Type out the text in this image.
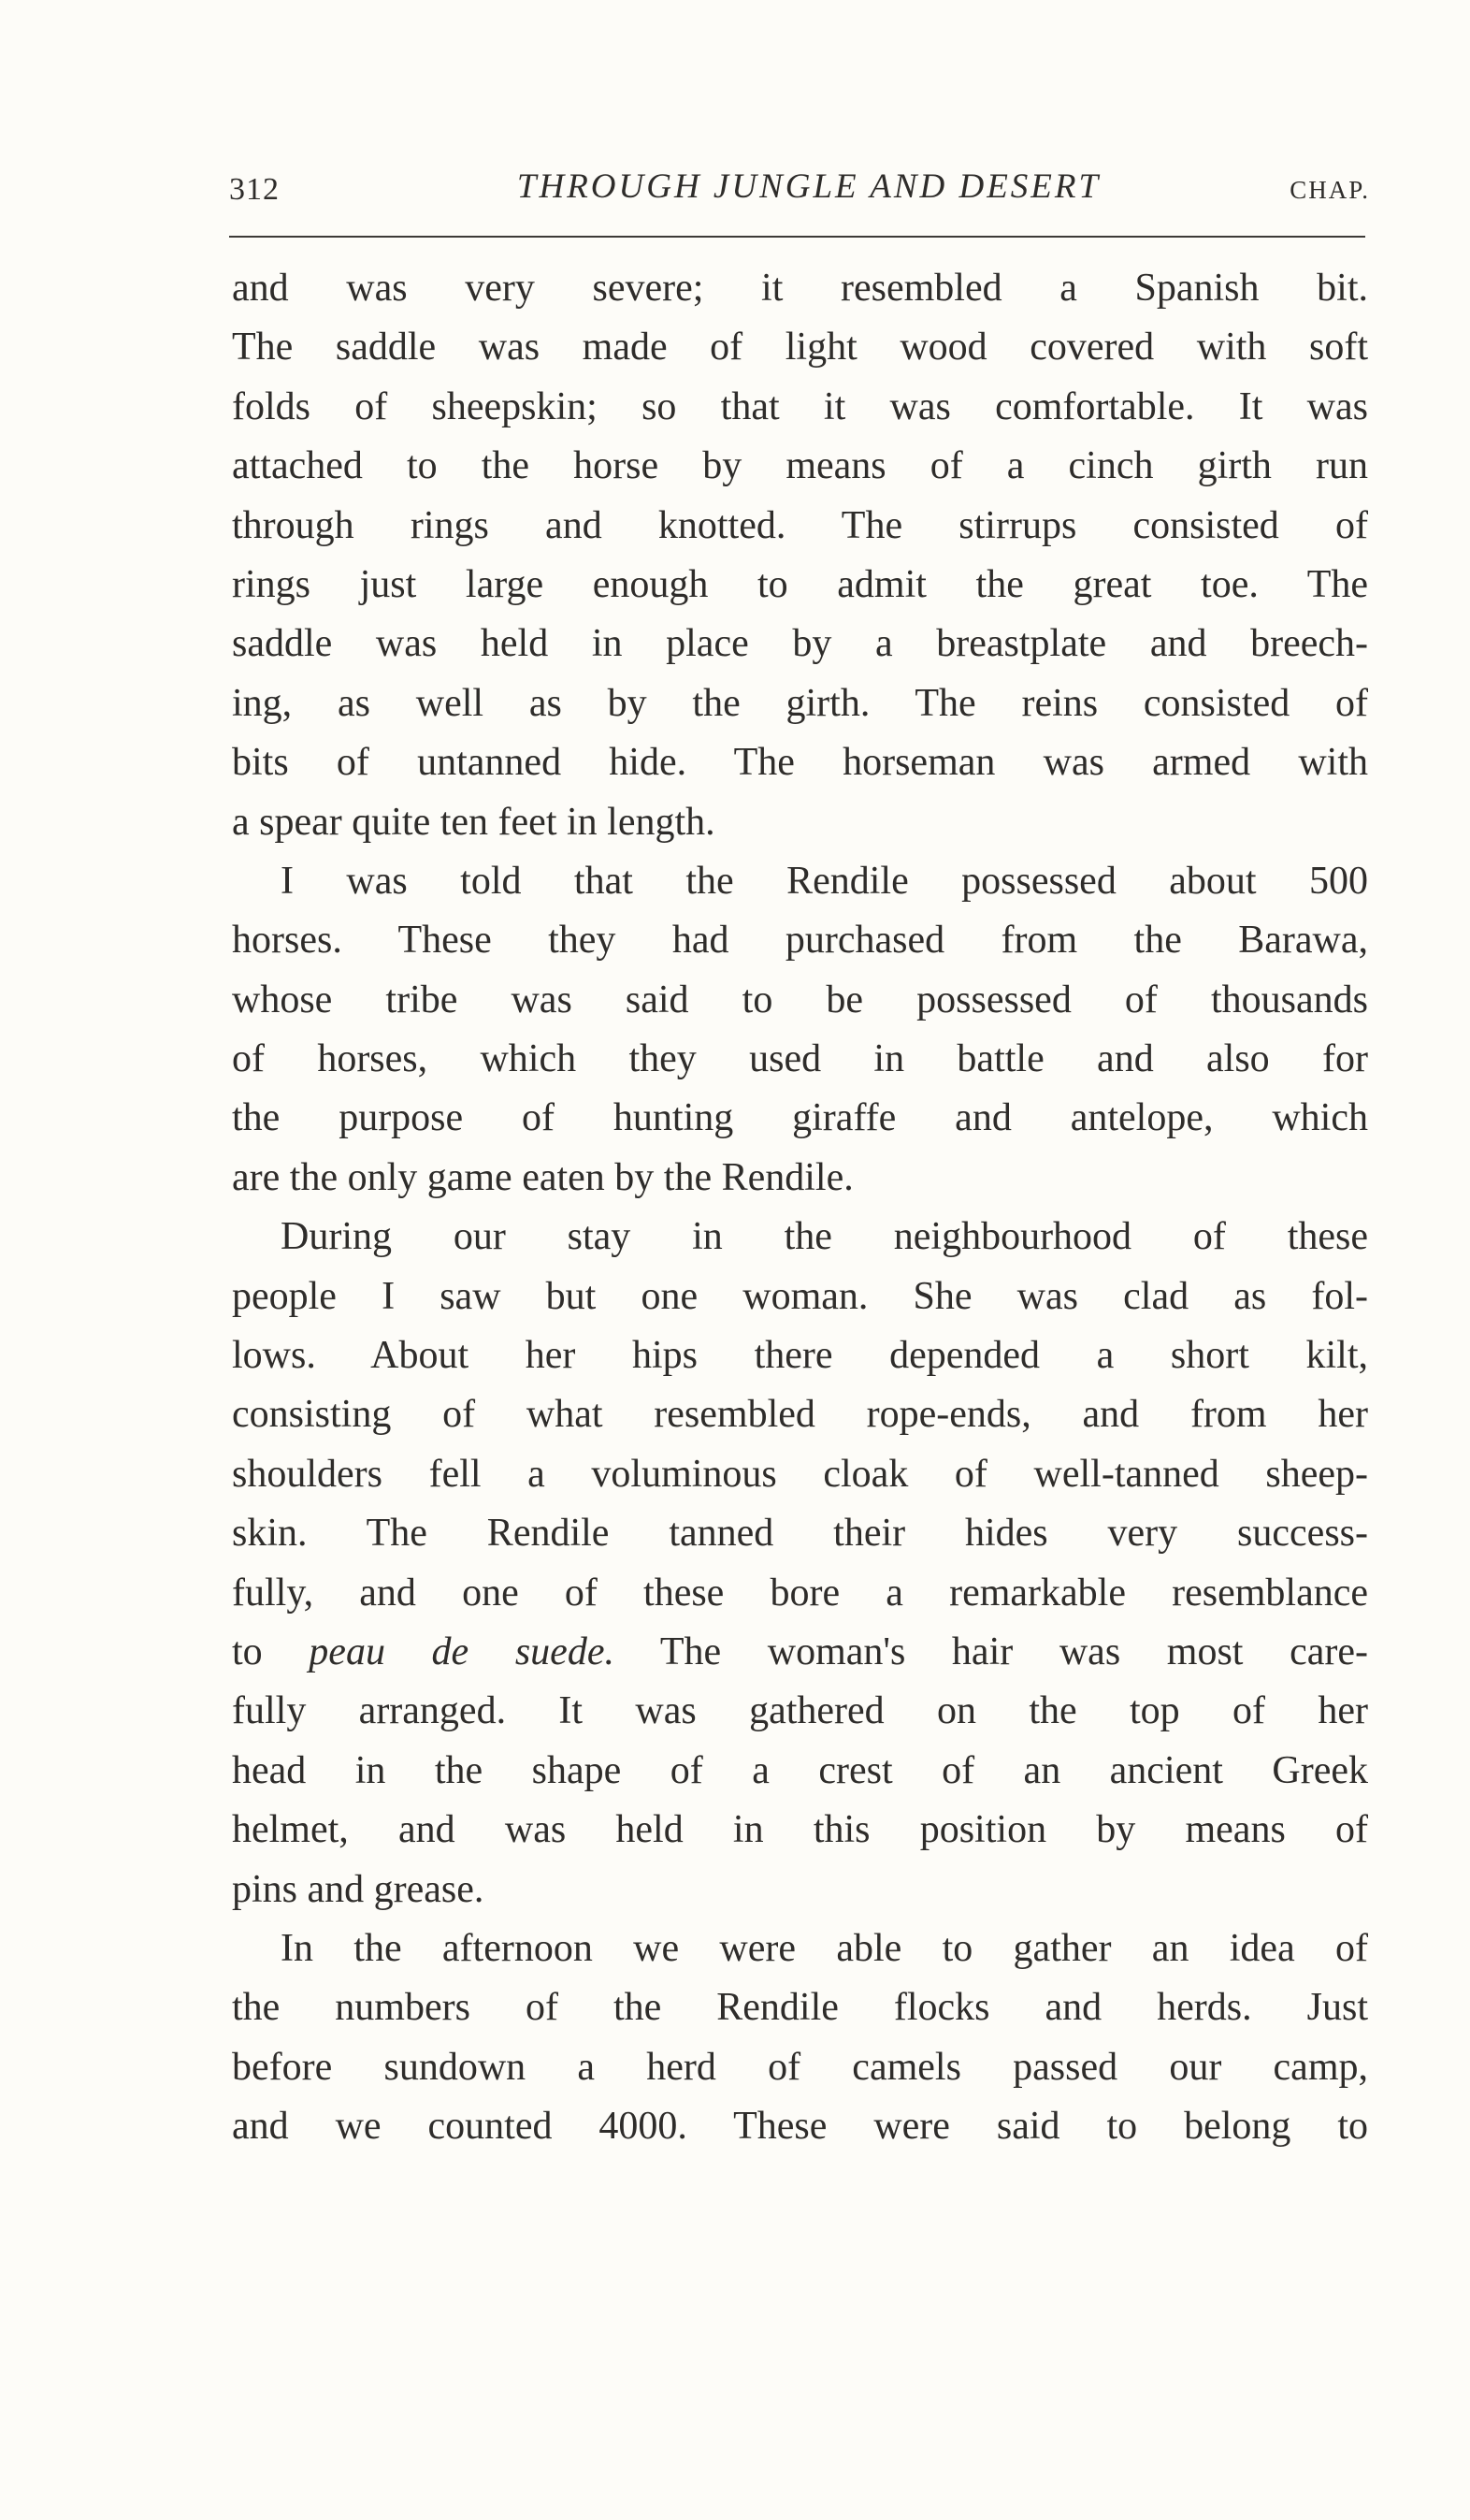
312	THROUGH JUNGLE AND DESERT	CHAP.
and was very severe; it resembled a Spanish bit.
The saddle was made of light wood covered with soft
folds of sheepskin; so that it was comfortable. It was
attached to the horse by means of a cinch girth run
through rings and knotted. The stirrups consisted of
rings just large enough to admit the great toe. The
saddle was held in place by a breastplate and breech-
ing, as well as by the girth. The reins consisted of
bits of untanned hide. The horseman was armed with
a spear quite ten feet in length.
I was told that the Rendile possessed about 500
horses. These they had purchased from the Barawa,
whose tribe was said to be possessed of thousands
of horses, which they used in battle and also for
the purpose of hunting giraffe and antelope, which
are the only game eaten by the Rendile.
During our stay in the neighbourhood of these
people I saw but one woman. She was clad as fol-
lows. About her hips there depended a short kilt,
consisting of what resembled rope-ends, and from her
shoulders fell a voluminous cloak of well-tanned sheep-
skin. The Rendile tanned their hides very success-
fully, and one of these bore a remarkable resemblance
to peau de suede. The woman's hair was most care-
fully arranged. It was gathered on the top of her
head in the shape of a crest of an ancient Greek
helmet, and was held in this position by means of
pins and grease.
In the afternoon we were able to gather an idea of
the numbers of the Rendile flocks and herds. Just
before sundown a herd of camels passed our camp,
and we counted 4000. These were said to belong to
